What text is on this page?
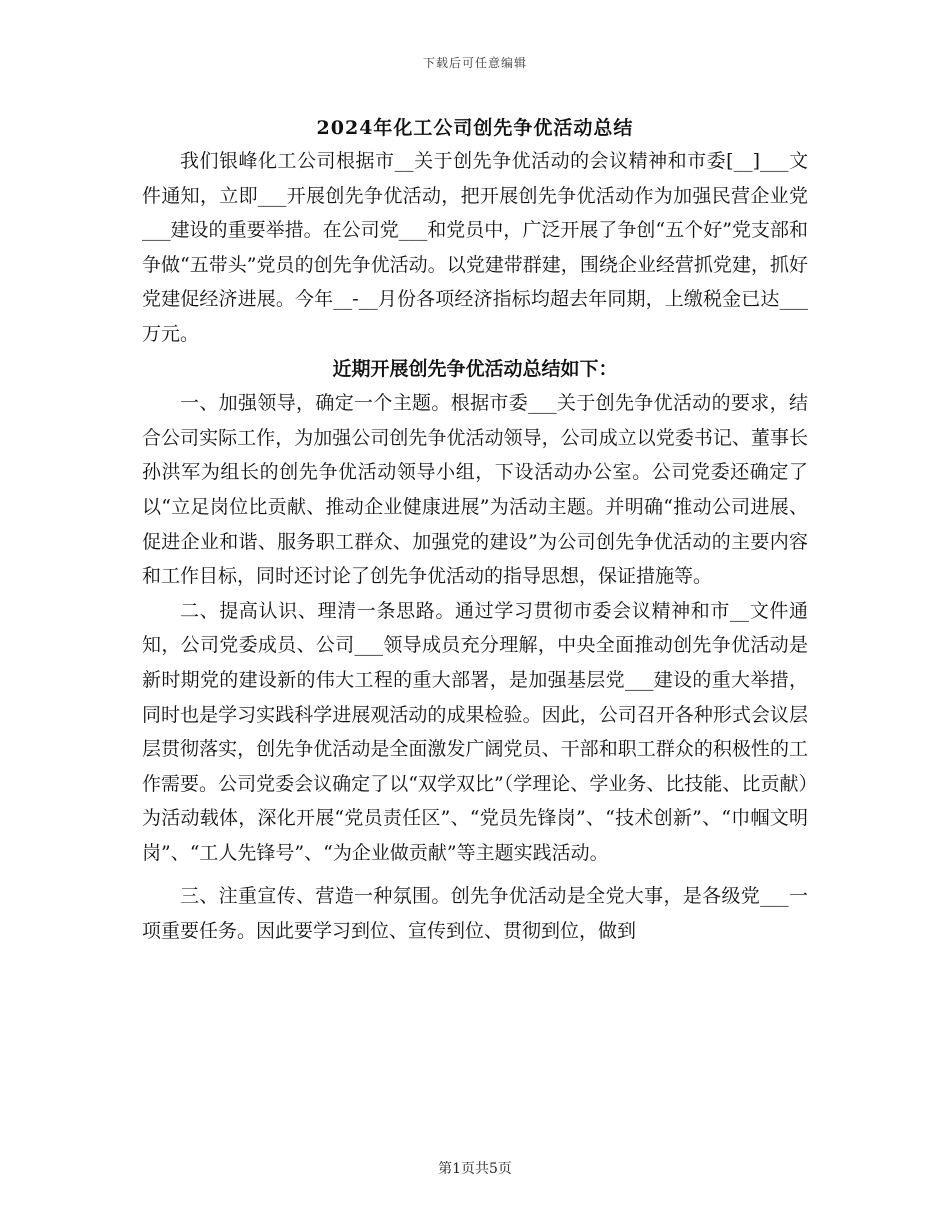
下载后可任意编辑
2024年化工公司创先争优活动总结

我们银峰化工公司根据市__关于创先争优活动的会议精神和市委[__]___文件通知，立即___开展创先争优活动，把开展创先争优活动作为加强民营企业党___建设的重要举措。在公司党___和党员中，广泛开展了争创“五个好”党支部和争做“五带头”党员的创先争优活动。以党建带群建，围绕企业经营抓党建，抓好党建促经济进展。今年__-__月份各项经济指标均超去年同期，上缴税金已达___万元。

近期开展创先争优活动总结如下：

一、加强领导，确定一个主题。根据市委___关于创先争优活动的要求，结合公司实际工作，为加强公司创先争优活动领导，公司成立以党委书记、董事长孙洪军为组长的创先争优活动领导小组，下设活动办公室。公司党委还确定了以“立足岗位比贡献、推动企业健康进展”为活动主题。并明确“推动公司进展、促进企业和谐、服务职工群众、加强党的建设”为公司创先争优活动的主要内容和工作目标，同时还讨论了创先争优活动的指导思想，保证措施等。

二、提高认识、理清一条思路。通过学习贯彻市委会议精神和市__文件通知，公司党委成员、公司___领导成员充分理解，中央全面推动创先争优活动是新时期党的建设新的伟大工程的重大部署，是加强基层党___建设的重大举措，同时也是学习实践科学进展观活动的成果检验。因此，公司召开各种形式会议层层贯彻落实，创先争优活动是全面激发广阔党员、干部和职工群众的积极性的工作需要。公司党委会议确定了以“双学双比”（学理论、学业务、比技能、比贡献）为活动载体，深化开展“党员责任区”、“党员先锋岗”、“技术创新”、“巾帼文明岗”、“工人先锋号”、“为企业做贡献”等主题实践活动。

三、注重宣传、营造一种氛围。创先争优活动是全党大事，是各级党___一项重要任务。因此要学习到位、宣传到位、贯彻到位，做到

第1页共5页
